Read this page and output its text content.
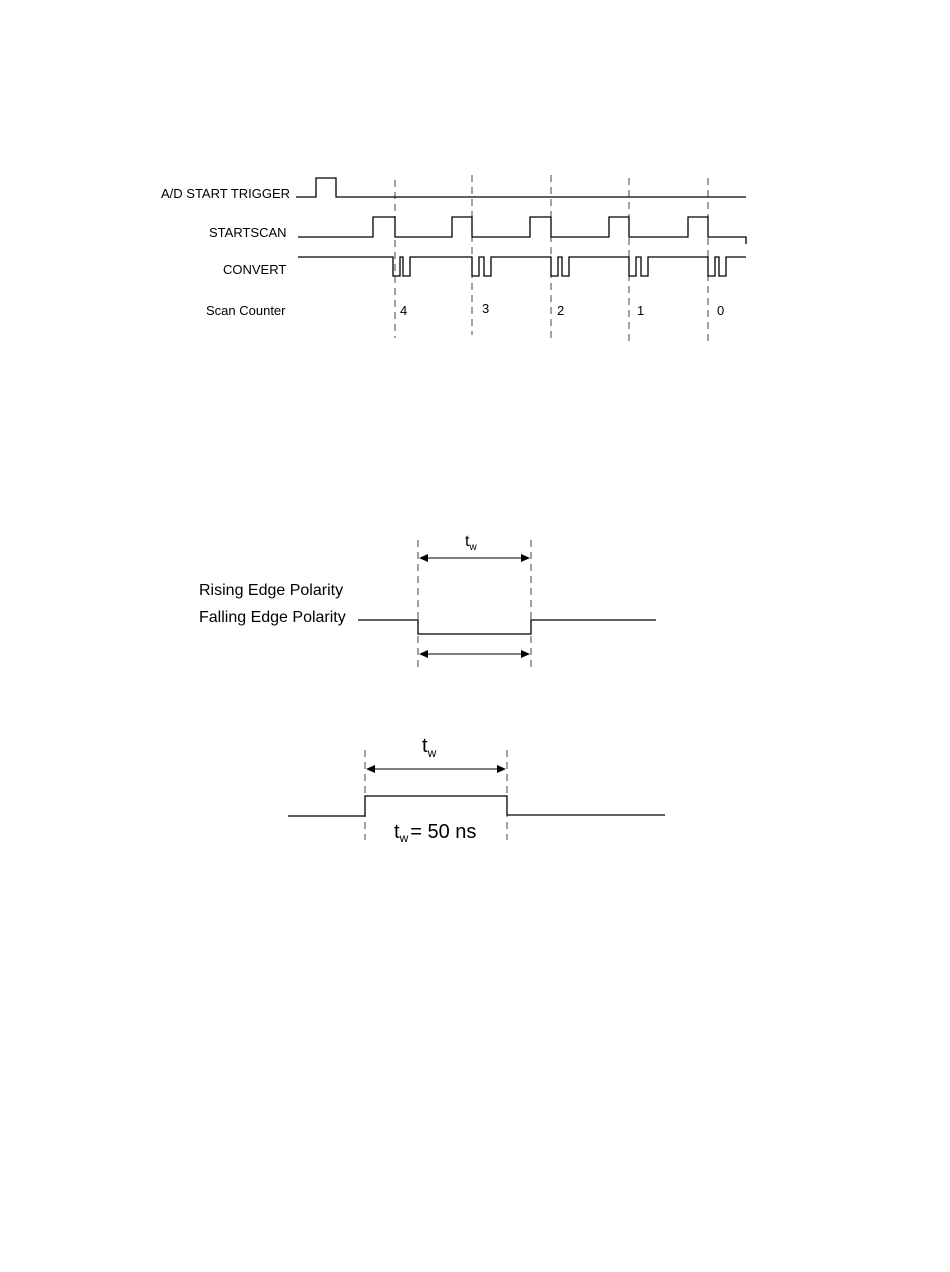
A/D START TRIGGER
STARTSCAN
CONVERT
Scan Counter	4	3	2	1	0
$t_w$
Rising Edge Polarity
Falling Edge Polarity
$t_w$
$t_w = 50$ ns
